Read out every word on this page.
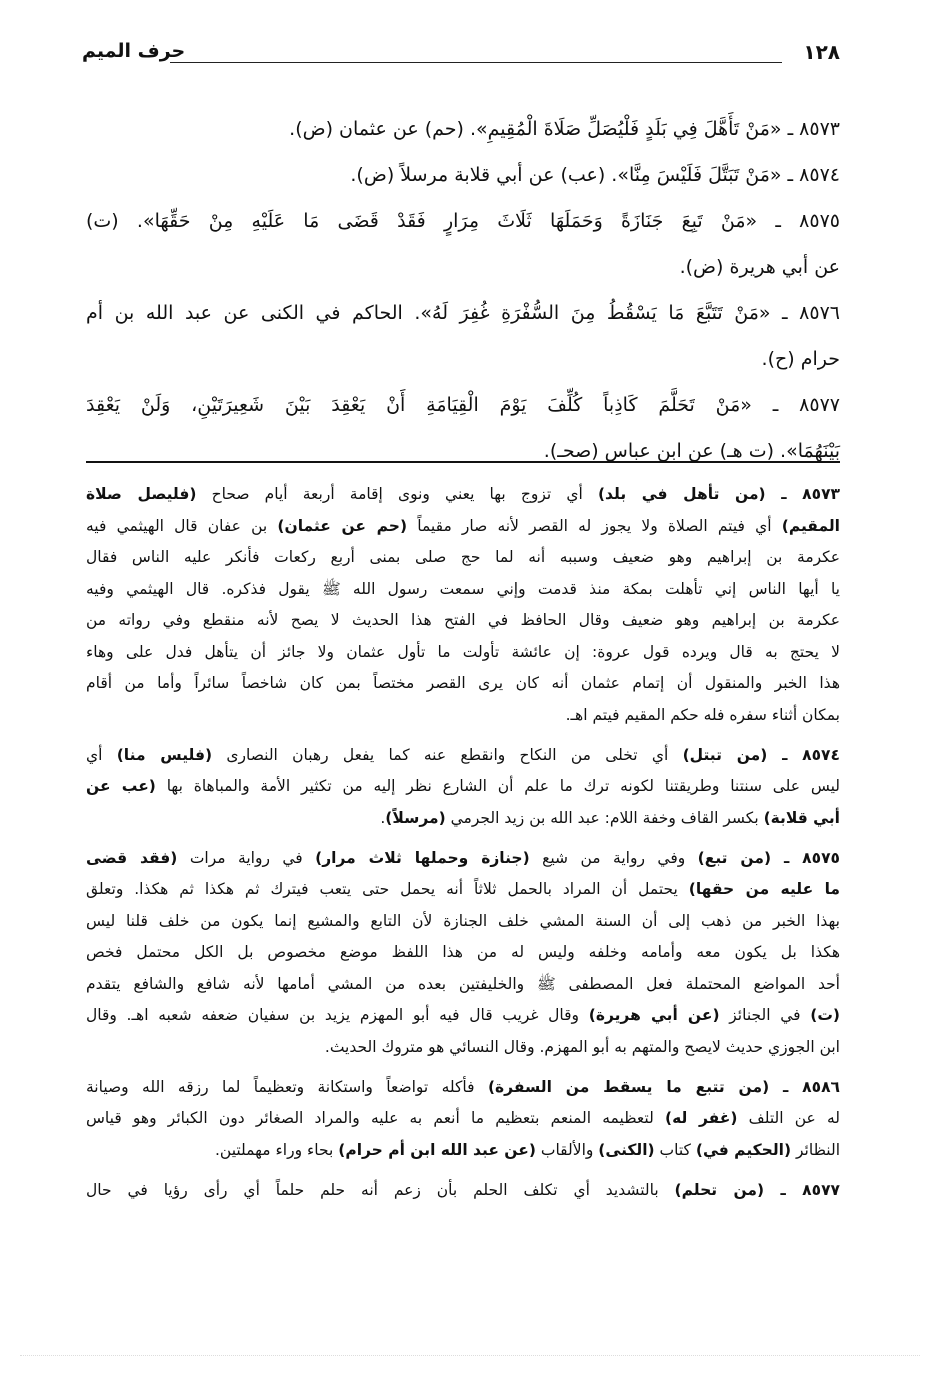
١٢٨
حرف الميم
٨٥٧٣ ـ «مَنْ تَأَهَّلَ فِي بَلَدٍ فَلْيُصَلِّ صَلَاةَ الْمُقِيمِ». (حم) عن عثمان (ض).
٨٥٧٤ ـ «مَنْ تَبَتَّلَ فَلَيْسَ مِنَّا». (عب) عن أبي قلابة مرسلاً (ض).
٨٥٧٥ ـ «مَنْ تَبِعَ جَنَازَةً وَحَمَلَهَا ثَلَاثَ مِرَارٍ فَقَدْ قَضَى مَا عَلَيْهِ مِنْ حَقِّهَا». (ت)
عن أبي هريرة (ض).
٨٥٧٦ ـ «مَنْ تَتَبَّعَ مَا يَسْقُطُ مِنَ السُّفْرَةِ غُفِرَ لَهُ». الحاكم في الكنى عن عبد الله بن أم
حرام (ح).
٨٥٧٧ ـ «مَنْ تَحَلَّمَ كَاذِباً كُلِّفَ يَوْمَ الْقِيَامَةِ أَنْ يَعْقِدَ بَيْنَ شَعِيرَتَيْنِ، وَلَنْ يَعْقِدَ
بَيْنَهُمَا». (ت هـ) عن ابن عباس (صحـ).
٨٥٧٣ ـ (من تأهل في بلد) أي تزوج بها يعني ونوى إقامة أربعة أيام صحاح (فليصل صلاة
المقيم) أي فيتم الصلاة ولا يجوز له القصر لأنه صار مقيماً (حم عن عثمان) بن عفان قال الهيثمي فيه
عكرمة بن إبراهيم وهو ضعيف وسببه أنه لما حج صلى بمنى أربع ركعات فأنكر عليه الناس فقال
يا أيها الناس إني تأهلت بمكة منذ قدمت وإني سمعت رسول الله ﷺ يقول فذكره. قال الهيثمي وفيه
عكرمة بن إبراهيم وهو ضعيف وقال الحافظ في الفتح هذا الحديث لا يصح لأنه منقطع وفي رواته من
لا يحتج به قال ويرده قول عروة: إن عائشة تأولت ما تأول عثمان ولا جائز أن يتأهل فدل على وهاء
هذا الخبر والمنقول أن إتمام عثمان أنه كان يرى القصر مختصاً بمن كان شاخصاً سائراً وأما من أقام
بمكان أثناء سفره فله حكم المقيم فيتم اهـ.
٨٥٧٤ ـ (من تبتل) أي تخلى من النكاح وانقطع عنه كما يفعل رهبان النصارى (فليس منا) أي
ليس على سنتنا وطريقتنا لكونه ترك ما علم أن الشارع نظر إليه من تكثير الأمة والمباهاة بها (عب عن
أبي قلابة) بكسر القاف وخفة اللام: عبد الله بن زيد الجرمي (مرسلاً).
٨٥٧٥ ـ (من تبع) وفي رواية من شيع (جنازة وحملها ثلاث مرار) في رواية مرات (فقد قضى
ما عليه من حقها) يحتمل أن المراد بالحمل ثلاثاً أنه يحمل حتى يتعب فيترك ثم هكذا ثم هكذا. وتعلق
بهذا الخبر من ذهب إلى أن السنة المشي خلف الجنازة لأن التابع والمشيع إنما يكون من خلف قلنا ليس
هكذا بل يكون معه وأمامه وخلفه وليس له من هذا اللفظ موضع مخصوص بل الكل محتمل فخص
أحد المواضع المحتملة فعل المصطفى ﷺ والخليفتين بعده من المشي أمامها لأنه شافع والشافع يتقدم
(ت) في الجنائز (عن أبي هريرة) وقال غريب قال فيه أبو المهزم يزيد بن سفيان ضعفه شعبه اهـ. وقال
ابن الجوزي حديث لايصح والمتهم به أبو المهزم. وقال النسائي هو متروك الحديث.
٨٥٨٦ ـ (من تتبع ما يسقط من السفرة) فأكله تواضعاً واستكانة وتعظيماً لما رزقه الله وصيانة
له عن التلف (غفر له) لتعظيمه المنعم بتعظيم ما أنعم به عليه والمراد الصغائر دون الكبائر وهو قياس
النظائر (الحكيم في) كتاب (الكنى) والألقاب (عن عبد الله ابن أم حرام) بحاء وراء مهملتين.
٨٥٧٧ ـ (من تحلم) بالتشديد أي تكلف الحلم بأن زعم أنه حلم حلماً أي رأى رؤيا في حال
